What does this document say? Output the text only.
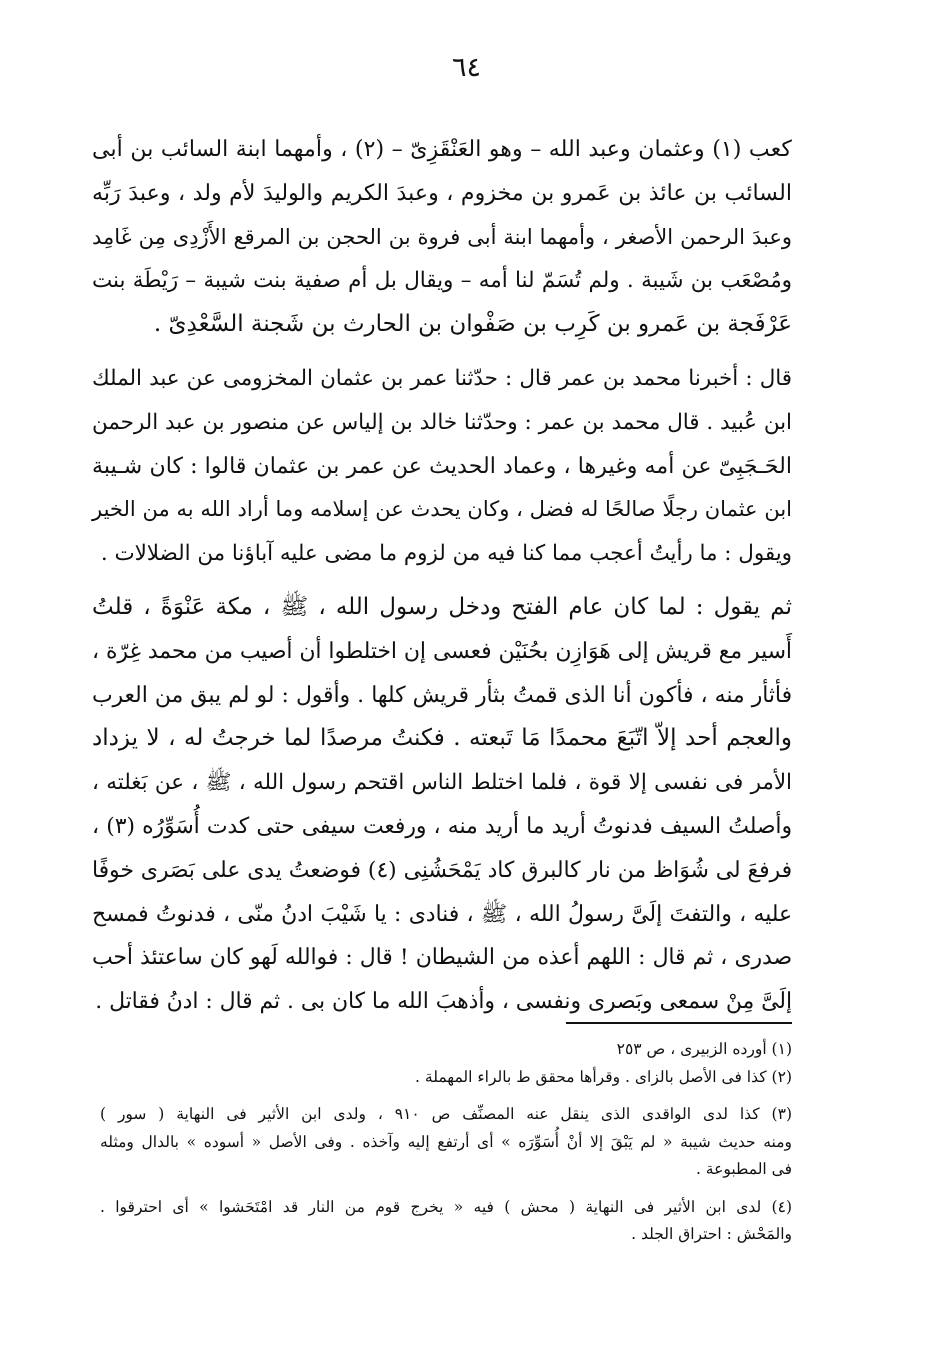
٦٤
كعب (١) وعثمان وعبد الله – وهو العَنْقَزِىّ – (٢) ، وأمهما ابنة السائب بن أبى
السائب بن عائذ بن عَمرو بن مخزوم ، وعبدَ الكريم والوليدَ لأم ولد ، وعبدَ رَبِّه
وعبدَ الرحمن الأصغر ، وأمهما ابنة أبى فروة بن الحجن بن المرقع الأَزْدِى مِن غَامِد
ومُصْعَب بن شَيبة . ولم تُسَمّ لنا أمه – ويقال بل أم صفية بنت شيبة – رَيْطَة بنت
عَرْفَجة بن عَمرو بن كَرِب بن صَفْوان بن الحارث بن شَجنة السَّعْدِىّ .
قال : أخبرنا محمد بن عمر قال : حدّثنا عمر بن عثمان المخزومى عن عبد الملك
ابن عُبيد . قال محمد بن عمر : وحدّثنا خالد بن إلياس عن منصور بن عبد الرحمن
الحَـجَبِىّ عن أمه وغيرها ، وعماد الحديث عن عمر بن عثمان قالوا : كان شـيبة
ابن عثمان رجلًا صالحًا له فضل ، وكان يحدث عن إسلامه وما أراد الله به من الخير
ويقول : ما رأيتُ أعجب مما كنا فيه من لزوم ما مضى عليه آباؤنا من الضلالات .
ثم يقول : لما كان عام الفتح ودخل رسول الله ، ﷺ ، مكة عَنْوَةً ، قلتُ
أَسير مع قريش إلى هَوَازِن بحُنَيْن فعسى إن اختلطوا أن أصيب من محمد غِرّة ،
فأثأر منه ، فأكون أنا الذى قمتُ بثأر قريش كلها . وأقول : لو لم يبق من العرب
والعجم أحد إلاّ اتّبَعَ محمدًا مَا تَبعته . فكنتُ مرصدًا لما خرجتُ له ، لا يزداد
الأمر فى نفسى إلا قوة ، فلما اختلط الناس اقتحم رسول الله ، ﷺ ، عن بَغلته ،
وأصلتُ السيف فدنوتُ أريد ما أريد منه ، ورفعت سيفى حتى كدت أُسَوِّرُه (٣) ،
فرفعَ لى شُوَاظ من نار كالبرق كاد يَمْحَشُنِى (٤) فوضعتُ يدى على بَصَرى خوفًا
عليه ، والتفتَ إلَىَّ رسولُ الله ، ﷺ ، فنادى : يا شَيْبَ ادنُ منّى ، فدنوتُ فمسح
صدرى ، ثم قال : اللهم أعذه من الشيطان ! قال : فوالله لَهو كان ساعتئذ أحب
إلَىَّ مِنْ سمعى وبَصرى ونفسى ، وأذهبَ الله ما كان بى . ثم قال : ادنُ فقاتل .
(١) أورده الزبيرى ، ص ٢٥٣
(٢) كذا فى الأصل بالزاى . وقرأها محقق ط بالراء المهملة .
(٣) كذا لدى الواقدى الذى ينقل عنه المصنِّف ص ٩١٠ ، ولدى ابن الأثير فى النهاية ( سور )
ومنه حديث شيبة « لم يَبْقَ إلا أنْ أُسَوِّرَه » أى أرتفع إليه وآخذه . وفى الأصل « أسوده » بالدال ومثله
فى المطبوعة .
(٤) لدى ابن الأثير فى النهاية ( محش ) فيه « يخرج قوم من النار قد امْتَحَشوا » أى احترقوا .
والمَحْش : احتراق الجلد .
